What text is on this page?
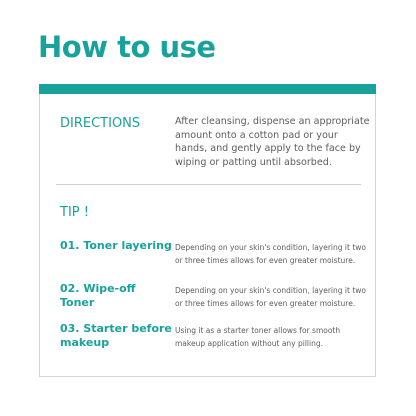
How to use
DIRECTIONS	After cleansing, dispense an appropriate amount onto a cotton pad or your hands, and gently apply to the face by wiping or patting until absorbed.
TIP !
01. Toner layering Depending on your skin's condition, layering it two or three times allows for even greater moisture.
02. Wipe-off Toner
Depending on your skin's condition, layering it two or three times allows for even greater moisture.
03. Starter before makeup
Using it as a starter toner allows for smooth makeup application without any pilling.
